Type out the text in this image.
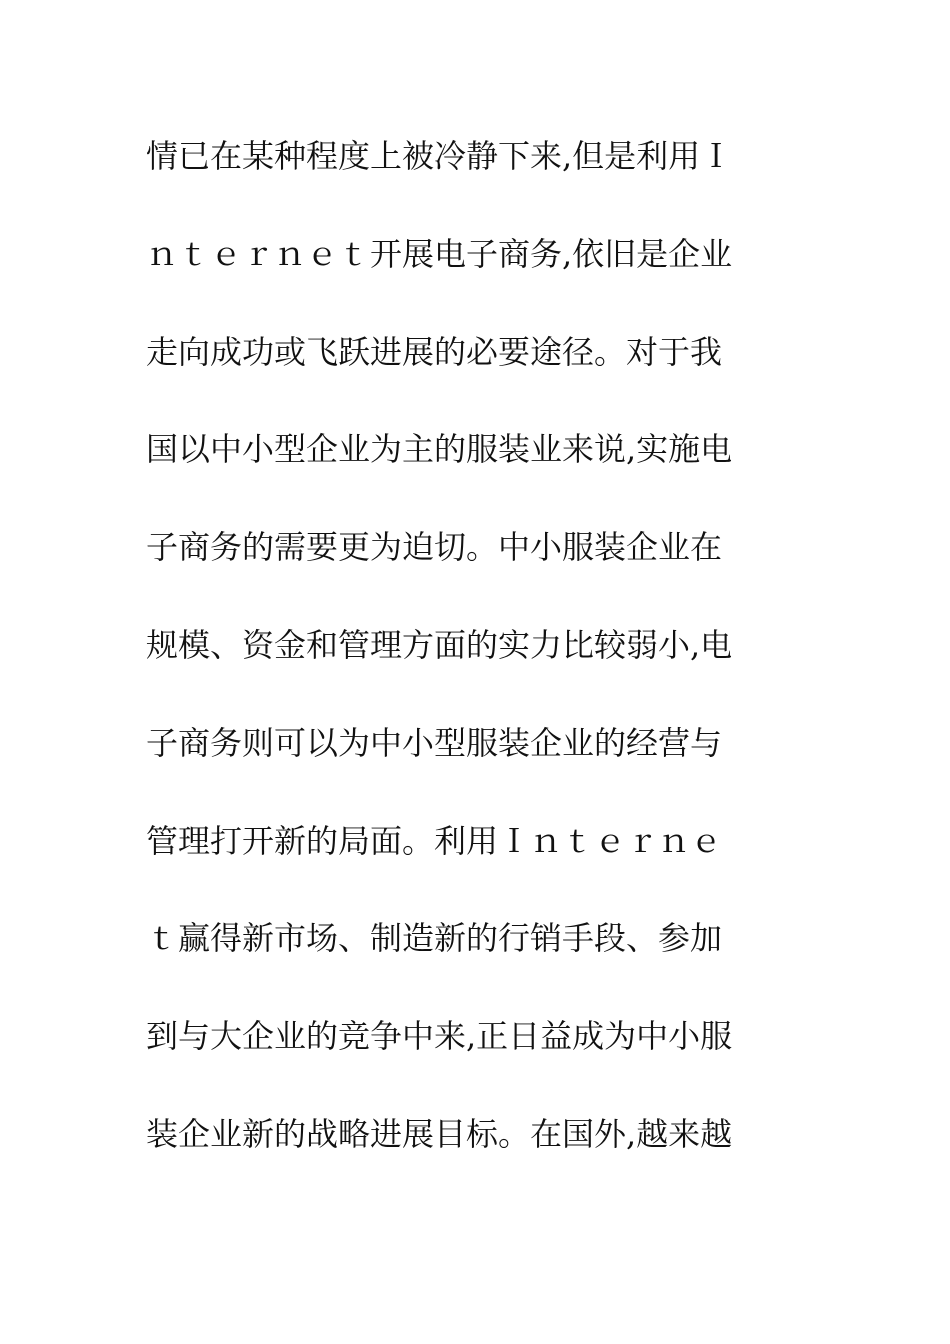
情已在某种程度上被冷静下来,但是利用Ｉ
ｎｔｅｒｎｅｔ开展电子商务,依旧是企业
走向成功或飞跃进展的必要途径。对于我
国以中小型企业为主的服装业来说,实施电
子商务的需要更为迫切。中小服装企业在
规模、资金和管理方面的实力比较弱小,电
子商务则可以为中小型服装企业的经营与
管理打开新的局面。利用Ｉｎｔｅｒｎｅ
ｔ赢得新市场、制造新的行销手段、参加
到与大企业的竞争中来,正日益成为中小服
装企业新的战略进展目标。在国外,越来越
